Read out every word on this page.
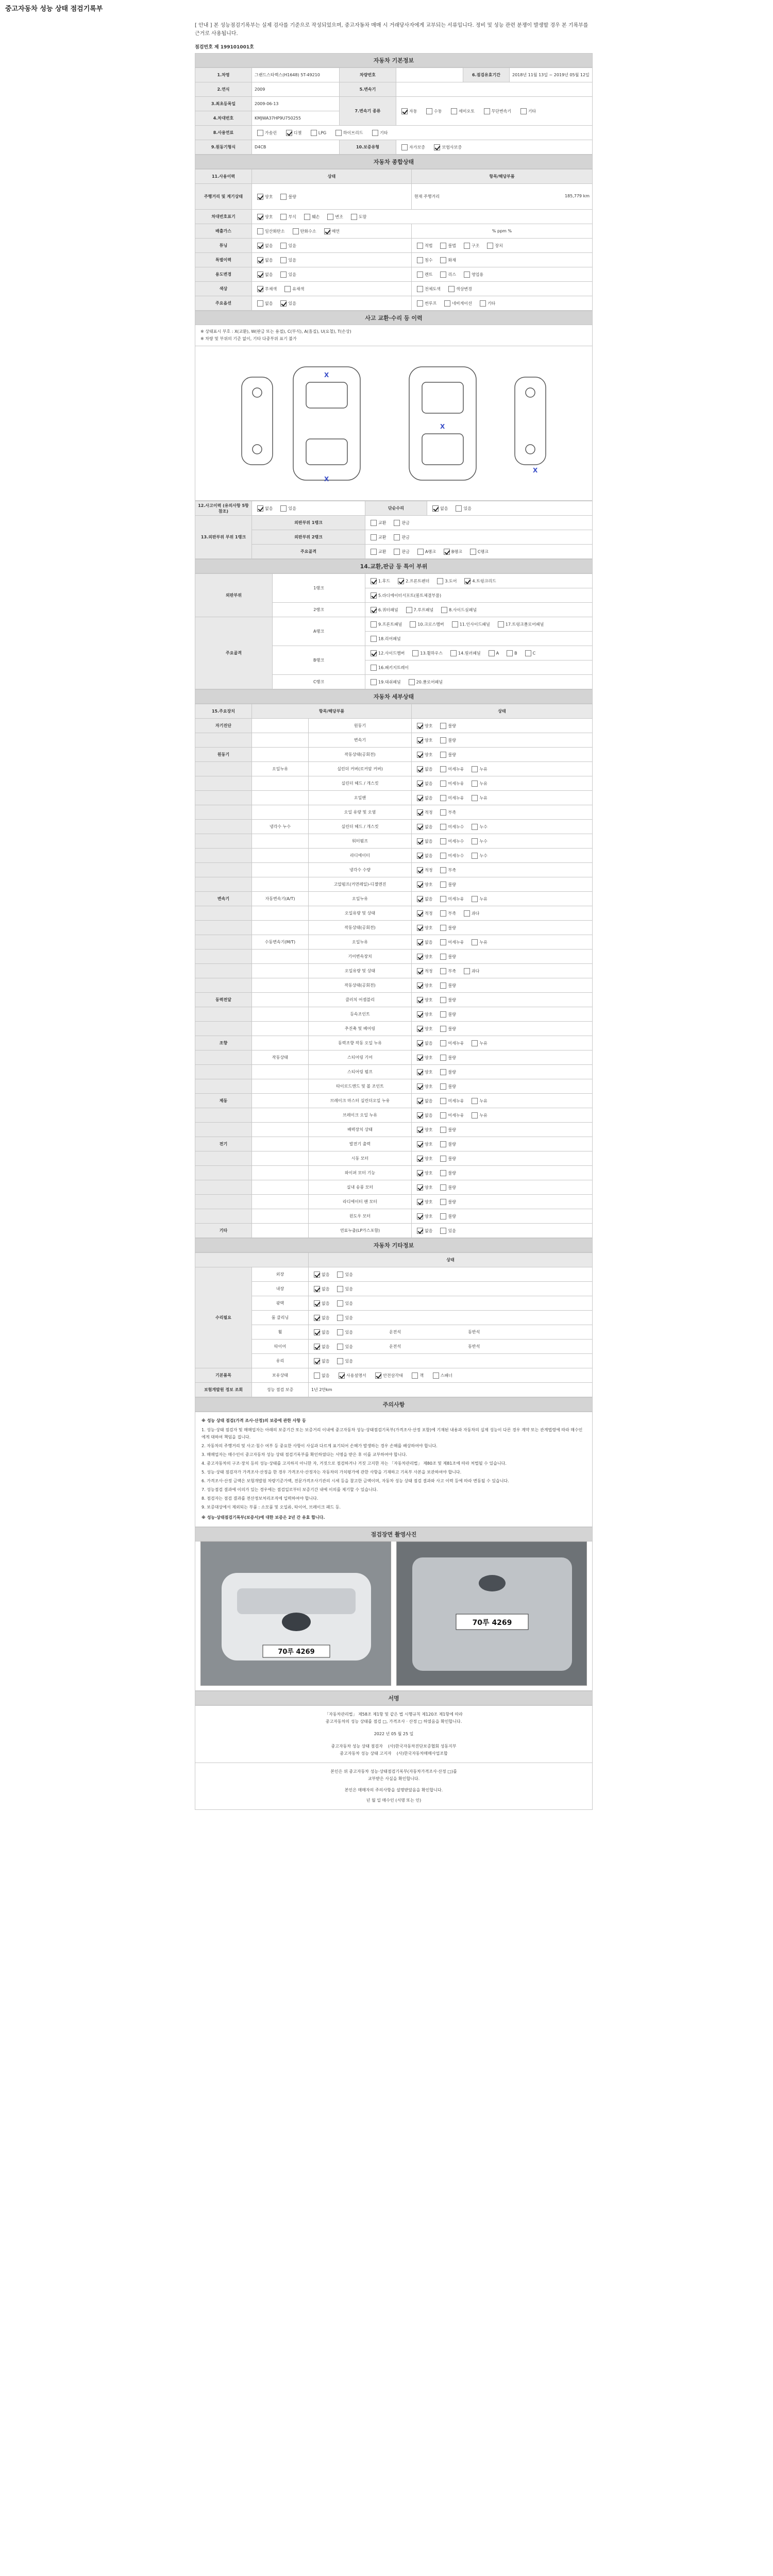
중고자동차 성능 상태 점검기록부
[ 안내 ] 본 성능점검기록부는 실제 검사를 기준으로 작성되었으며, 중고자동차 매매 시 거래당사자에게 교부되는 서류입니다. 정비 및 성능 관련 분쟁이 발생할 경우 본 기록부를 근거로 사용됩니다.
점검번호 제 199101001호
자동차 기본정보
1.차명	그랜드스타렉스(H1648) 5T-49210	차량번호		6.점검유효기간	2018년 11월 13일 ~ 2019년 05월 12일
2.연식	2009	5.변속기			
3.최초등록일	2009-06-13	7.변속기 종류	자동 수동 세미오토 무단변속기 기타		
4.차대번호	KMJWA37HP9U750255				
8.사용연료	가솔린 디젤 LPG 하이브리드 기타				
9.원동기형식	D4CB	10.보증유형	자가보증 보험사보증		
자동차 종합상태
11.사용이력	상태	항목/해당부품
주행거리 및 계기상태	양호 불량	현재 주행거리 185,779 km

차대번호표기	양호 부식 훼손 변조 도말	
배출가스	일산화탄소 탄화수소 매연	% ppm %
튜닝	없음 있음	적법 불법 구조 장치
특별이력	없음 있음	침수 화재
용도변경	없음 있음	렌트 리스 영업용
색상	무채색 유채색	전체도색 색상변경
주요옵션	없음 있음	썬루프 네비게이션 기타
사고 교환·수리 등 이력
※ 상태표시 부호 : X(교환), W(판금 또는 용접), C(부식), A(흠집), U(요철), T(손상)
※ 차량 및 부위의 기준 없이, 기타 다중부위 표기 불가
X
X
X
X
12.사고이력 (유의사항 5항 참조)	없음 있음	단순수리	없음 있음
13.외판부위 부위 1랭크	외판부위 1랭크	교환 판금	
	외판부위 2랭크	교환 판금	
	주요골격	교환 판금 A랭크 B랭크 C랭크	
14.교환,판금 등 특이 부위
외판부위	1랭크	1.후드 2.프론트펜더 3.도어 4.트렁크리드
		5.라디에이터서포트(볼트체결부품)
	2랭크	6.쿼터패널 7.루프패널 8.사이드실패널
주요골격	A랭크	9.프론트패널 10.크로스멤버 11.인사이드패널 17.트렁크플로어패널
		18.리어패널
	B랭크	12.사이드멤버 13.휠하우스 14.필러패널 A B C
		16.패키지트레이
	C랭크	19.대쉬패널 20.플로어패널
자동차 세부상태
15.주요장치	항목/해당부품		상태
자기진단		원동기	양호 불량
		변속기	양호 불량
원동기		작동상태(공회전)	양호 불량
	오일누유	실린더 커버(로커암 커버)	없음 미세누유 누유
		실린더 헤드 / 개스킷	없음 미세누유 누유
		오일팬	없음 미세누유 누유
		오일 유량 및 오염	적정 부족
	냉각수 누수	실린더 헤드 / 개스킷	없음 미세누수 누수
		워터펌프	없음 미세누수 누수
		라디에이터	없음 미세누수 누수
		냉각수 수량	적정 부족
		고압펌프(커먼레일)-디젤엔진	양호 불량
변속기	자동변속기(A/T)	오일누유	없음 미세누유 누유
		오일유량 및 상태	적정 부족 과다
		작동상태(공회전)	양호 불량
	수동변속기(M/T)	오일누유	없음 미세누유 누유
		기어변속장치	양호 불량
		오일유량 및 상태	적정 부족 과다
		작동상태(공회전)	양호 불량
동력전달		클러치 어셈블리	양호 불량
		등속조인트	양호 불량
		추진축 및 베어링	양호 불량
조향		동력조향 작동 오일 누유	없음 미세누유 누유
	작동상태	스티어링 기어	양호 불량
		스티어링 펌프	양호 불량
		타이로드엔드 및 볼 조인트	양호 불량
제동		브레이크 마스터 실린더오일 누유	없음 미세누유 누유
		브레이크 오일 누유	없음 미세누유 누유
		배력장치 상태	양호 불량
전기		발전기 출력	양호 불량
		시동 모터	양호 불량
		와이퍼 모터 기능	양호 불량
		실내 송풍 모터	양호 불량
		라디에이터 팬 모터	양호 불량
		윈도우 모터	양호 불량
기타		연료누출(LP가스포함)	없음 있음
자동차 기타정보
		상태
수리필요	외장	없음 있음
	내장	없음 있음
	광택	없음 있음
	룸 클리닝	없음 있음
	휠	없음 있음 운전석 동반석
	타이어	없음 있음 운전석 동반석
	유리	없음 있음
기본품목	보유상태	없음 사용설명서 안전삼각대 잭 스패너
보험개발원 정보 조회	성능 점검 보증	1년 2만km
주의사항
※ 성능 상태 점검(가격 조사·산정)의 보증에 관한 사항 등
1. 성능·상태 점검자 및 매매업자는 아래의 보증기간 또는 보증거리 이내에 중고자동차 성능·상태점검기록부(가격조사·산정 포함)에 기재된 내용과 자동차의 실제 성능이 다른 경우 계약 또는 관계법령에 따라 매수인에게 대하여 책임을 집니다.
2. 자동차의 주행거리 및 사고·침수 여부 등 중요한 사항이 사실과 다르게 표기되어 손해가 발생하는 경우 손해를 배상하여야 합니다.
3. 매매업자는 매수인이 중고자동차 성능 상태 점검기록부를 확인하였다는 서명을 받은 후 이를 교부하여야 합니다.
4. 중고자동차의 구조·장치 등의 성능·상태를 고지하지 아니한 자, 거짓으로 점검하거나 거짓 고지한 자는 「자동차관리법」 제80조 및 제81조에 따라 처벌될 수 있습니다.
5. 성능·상태 점검자가 가격조사·산정을 한 경우 가격조사·산정자는 자동차의 가치평가에 관한 사항을 기재하고 기록부 사본을 보관하여야 합니다.
6. 가격조사·산정 금액은 보험개발원 차량기준가액, 전문가격조사기관의 시세 등을 참고한 금액이며, 자동차 성능 상태 점검 결과와 사고 이력 등에 따라 변동될 수 있습니다.
7. 성능점검 결과에 이의가 있는 경우에는 점검일로부터 보증기간 내에 이의를 제기할 수 있습니다.
8. 점검자는 점검 결과를 전산정보처리조직에 입력하여야 합니다.
9. 보증대상에서 제외되는 부품 : 소모품 및 오일류, 타이어, 브레이크 패드 등.
※ 성능·상태점검기록부(보증서)에 대한 보증은 2년 간 유효 합니다.
점검장면 촬영사진
70루 4269
70루 4269
서명
「자동차관리법」 제58조 제1항 및 같은 법 시행규칙 제120조 제1항에 따라
중고자동차의 성능 상태를 점검 □, 가격조사 · 산정 □ 하였음을 확인합니다.
2022 년 05 월 25 일
중고자동차 성능 상태 점검자 (사)한국자동차진단보증협회 성동지부
중고자동차 성능 상태 고지자 (사)한국자동차매매사업조합
본인은 위 중고자동차 성능·상태점검기록부(자동차가격조사·산정 □)를
교부받은 사실을 확인합니다.
본인은 매매자의 주의사항을 설명받았음을 확인합니다.
년 월 일 매수인 (서명 또는 인)
